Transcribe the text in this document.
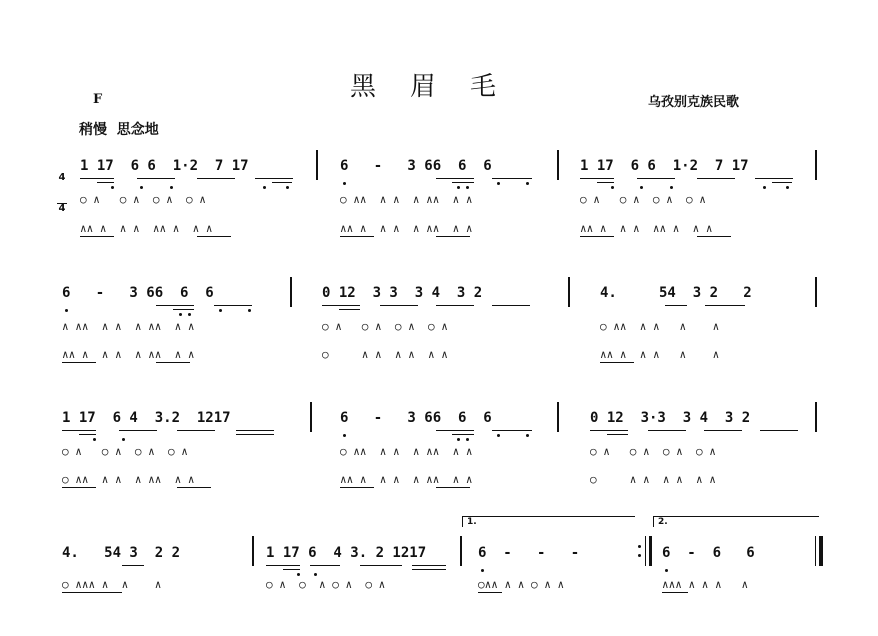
黑眉毛
乌孜别克族民歌
F
稍慢  思念地

4

4

1 17  6 6  1·2  7 17
○ ∧   ○ ∧  ○ ∧  ○ ∧
∧∧ ∧  ∧ ∧  ∧∧ ∧  ∧ ∧
6   -   3 66  6  6
○ ∧∧  ∧ ∧  ∧ ∧∧  ∧ ∧
∧∧ ∧  ∧ ∧  ∧ ∧∧  ∧ ∧
1 17  6 6  1·2  7 17
○ ∧   ○ ∧  ○ ∧  ○ ∧
∧∧ ∧  ∧ ∧  ∧∧ ∧  ∧ ∧
6   -   3 66  6  6
∧ ∧∧  ∧ ∧  ∧ ∧∧  ∧ ∧
∧∧ ∧  ∧ ∧  ∧ ∧∧  ∧ ∧
0 12  3 3  3 4  3 2
○ ∧   ○ ∧  ○ ∧  ○ ∧
○     ∧ ∧  ∧ ∧  ∧ ∧
4.     54  3 2   2
○ ∧∧  ∧ ∧   ∧    ∧
∧∧ ∧  ∧ ∧   ∧    ∧
1 17  6 4  3.2  1217
○ ∧   ○ ∧  ○ ∧  ○ ∧
○ ∧∧  ∧ ∧  ∧ ∧∧  ∧ ∧
6   -   3 66  6  6
○ ∧∧  ∧ ∧  ∧ ∧∧  ∧ ∧
∧∧ ∧  ∧ ∧  ∧ ∧∧  ∧ ∧
0 12  3·3  3 4  3 2
○ ∧   ○ ∧  ○ ∧  ○ ∧
○     ∧ ∧  ∧ ∧  ∧ ∧
4.   54 3  2 2
○ ∧∧∧ ∧  ∧    ∧
1 17 6  4 3. 2 1217
○ ∧  ○  ∧ ○ ∧  ○ ∧
1.
6  -   -   -
○∧∧ ∧ ∧ ○ ∧ ∧
2.
6  -  6   6
∧∧∧ ∧ ∧ ∧   ∧
